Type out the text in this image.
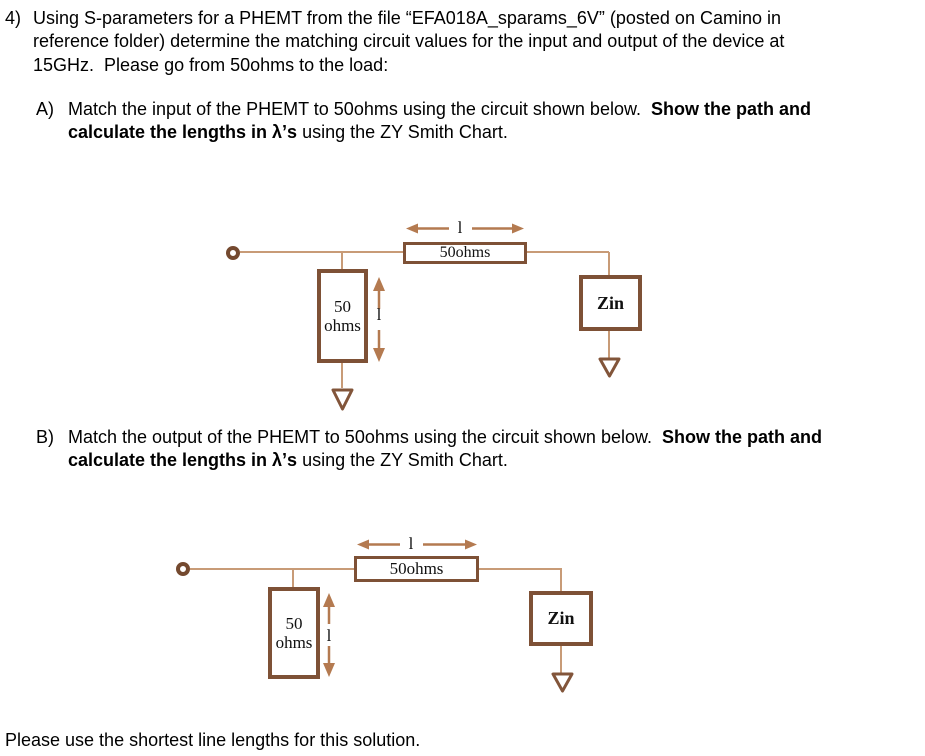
4) Using S-parameters for a PHEMT from the file “EFA018A_sparams_6V” (posted on Camino in
reference folder) determine the matching circuit values for the input and output of the device at
15GHz.  Please go from 50ohms to the load:
A) Match the input of the PHEMT to 50ohms using the circuit shown below.  Show the path and
calculate the lengths in λ’s using the ZY Smith Chart.
50
ohms
l
50ohms
l
Zin
B) Match the output of the PHEMT to 50ohms using the circuit shown below.  Show the path and
calculate the lengths in λ’s using the ZY Smith Chart.
50
ohms l
50ohms
l
Zin
Please use the shortest line lengths for this solution.
